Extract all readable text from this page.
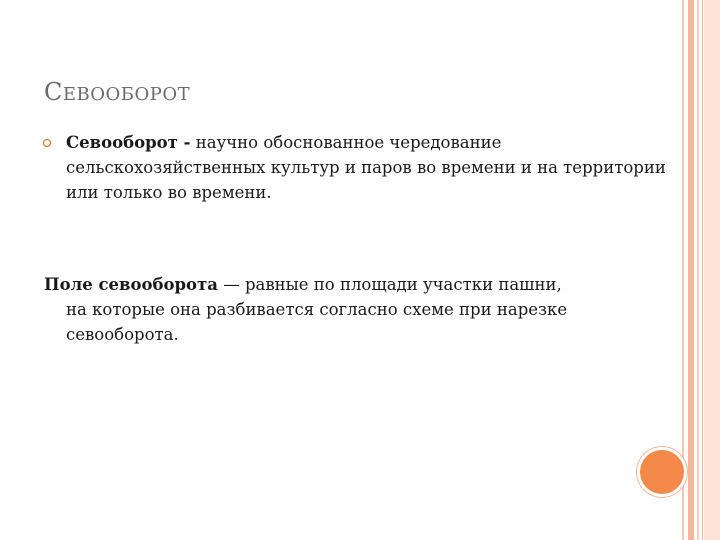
СЕВООБОРОТ

Севооборот - научно обоснованное чередование сельскохозяйственных культур и паров во времени и на территории или только во времени.

Поле севооборота — равные по площади участки пашни,
на которые она разбивается согласно схеме при нарезке севооборота.
